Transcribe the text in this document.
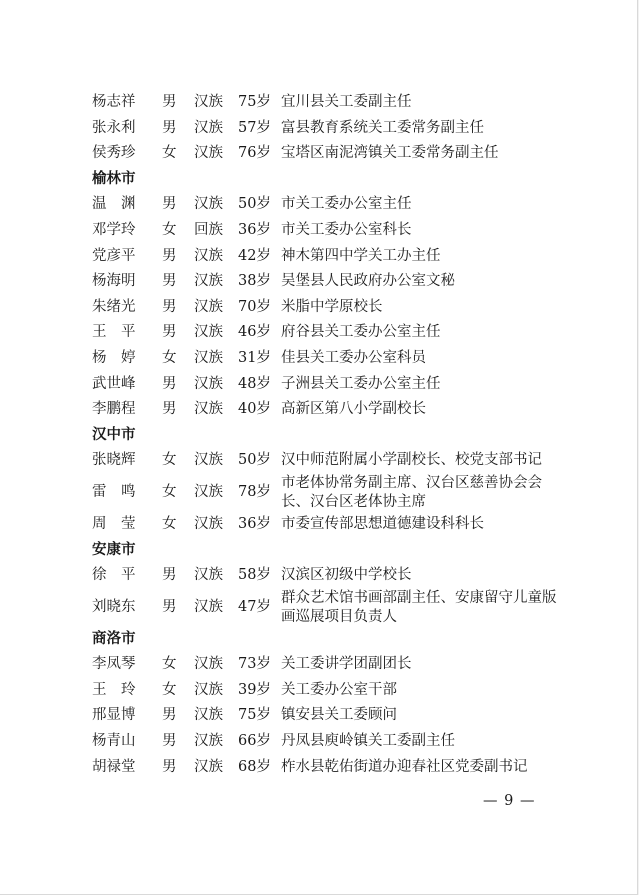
杨志祥	男 汉族 75岁 宜川县关工委副主任
张永利	男 汉族 57岁 富县教育系统关工委常务副主任
侯秀珍	女 汉族 76岁 宝塔区南泥湾镇关工委常务副主任
榆林市
温　渊	男 汉族 50岁 市关工委办公室主任
邓学玲	女 回族 36岁 市关工委办公室科长
党彦平	男 汉族 42岁 神木第四中学关工办主任
杨海明	男 汉族 38岁 吴堡县人民政府办公室文秘
朱绪光	男 汉族 70岁 米脂中学原校长
王　平	男 汉族 46岁 府谷县关工委办公室主任
杨　婷	女 汉族 31岁 佳县关工委办公室科员
武世峰	男 汉族 48岁 子洲县关工委办公室主任
李鹏程	男 汉族 40岁 高新区第八小学副校长
汉中市
张晓辉	女 汉族 50岁 汉中师范附属小学副校长、校党支部书记
雷　鸣	女 汉族 78岁
市老体协常务副主席、汉台区慈善协会会长、汉台区老体协主席
周　莹	女 汉族 36岁 市委宣传部思想道德建设科科长
安康市
徐　平	男 汉族 58岁 汉滨区初级中学校长
刘晓东	男 汉族 47岁
群众艺术馆书画部副主任、安康留守儿童版画巡展项目负责人
商洛市
李凤琴	女 汉族 73岁 关工委讲学团副团长
王　玲	女 汉族 39岁 关工委办公室干部
邢显博	男 汉族 75岁 镇安县关工委顾问
杨青山	男 汉族 66岁 丹凤县庾岭镇关工委副主任
胡禄堂	男 汉族 68岁 柞水县乾佑街道办迎春社区党委副书记
— 9 —
